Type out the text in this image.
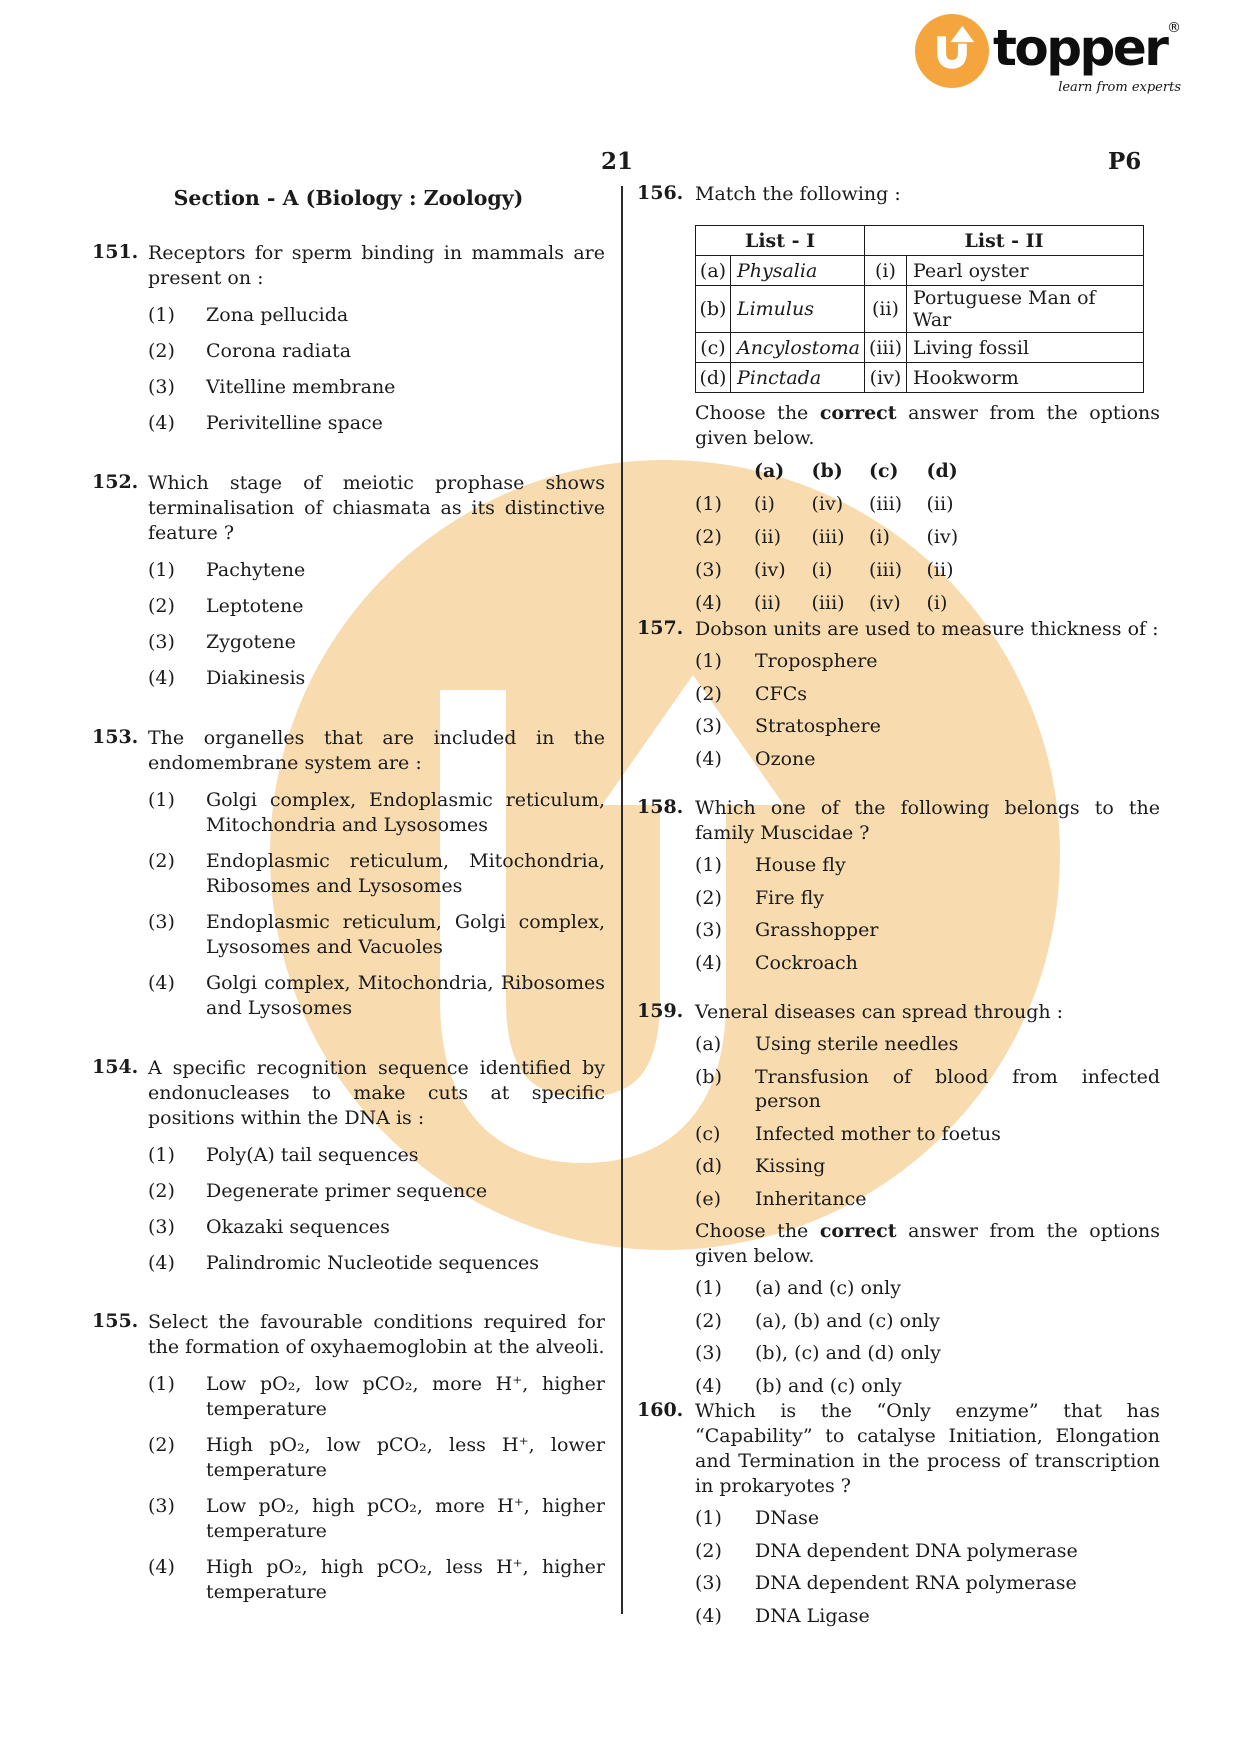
topper ®
learn from experts
21	P6
Section - A (Biology : Zoology)
151. Receptors for sperm binding in mammals are present on :
(1)	Zona pellucida
(2)	Corona radiata
(3)	Vitelline membrane
(4)	Perivitelline space
152. Which stage of meiotic prophase shows terminalisation of chiasmata as its distinctive feature ?
(1)	Pachytene
(2)	Leptotene
(3)	Zygotene
(4)	Diakinesis
153. The organelles that are included in the endomembrane system are :
(1)	Golgi complex, Endoplasmic reticulum, Mitochondria and Lysosomes
(2)	Endoplasmic reticulum, Mitochondria, Ribosomes and Lysosomes
(3)	Endoplasmic reticulum, Golgi complex, Lysosomes and Vacuoles
(4)	Golgi complex, Mitochondria, Ribosomes and Lysosomes
154. A specific recognition sequence identified by endonucleases to make cuts at specific positions within the DNA is :
(1)	Poly(A) tail sequences
(2)	Degenerate primer sequence
(3)	Okazaki sequences
(4)	Palindromic Nucleotide sequences
155. Select the favourable conditions required for the formation of oxyhaemoglobin at the alveoli.
(1)	Low pO₂, low pCO₂, more H⁺, higher temperature
(2)	High pO₂, low pCO₂, less H⁺, lower temperature
(3)	Low pO₂, high pCO₂, more H⁺, higher temperature
(4)	High pO₂, high pCO₂, less H⁺, higher temperature
156. Match the following :
List - I		List - II	
(a)	Physalia	(i)	Pearl oyster
(b)	Limulus	(ii)	Portuguese Man of War
(c)	Ancylostoma	(iii)	Living fossil
(d)	Pinctada	(iv)	Hookworm
Choose the correct answer from the options given below.
(a)	(b)	(c)	(d)
(1)	(i)	(iv)	(iii)	(ii)
(2)	(ii)	(iii)	(i)	(iv)
(3)	(iv)	(i)	(iii)	(ii)
(4)	(ii)	(iii)	(iv)	(i)
157. Dobson units are used to measure thickness of :
(1)	Troposphere
(2)	CFCs
(3)	Stratosphere
(4)	Ozone
158. Which one of the following belongs to the family Muscidae ?
(1)	House fly
(2)	Fire fly
(3)	Grasshopper
(4)	Cockroach
159. Veneral diseases can spread through :
(a)	Using sterile needles
(b)	Transfusion of blood from infected person
(c)	Infected mother to foetus
(d)	Kissing
(e)	Inheritance
Choose the correct answer from the options given below.
(1)	(a) and (c) only
(2)	(a), (b) and (c) only
(3)	(b), (c) and (d) only
(4)	(b) and (c) only
160. Which is the “Only enzyme” that has “Capability” to catalyse Initiation, Elongation and Termination in the process of transcription in prokaryotes ?
(1)	DNase
(2)	DNA dependent DNA polymerase
(3)	DNA dependent RNA polymerase
(4)	DNA Ligase
